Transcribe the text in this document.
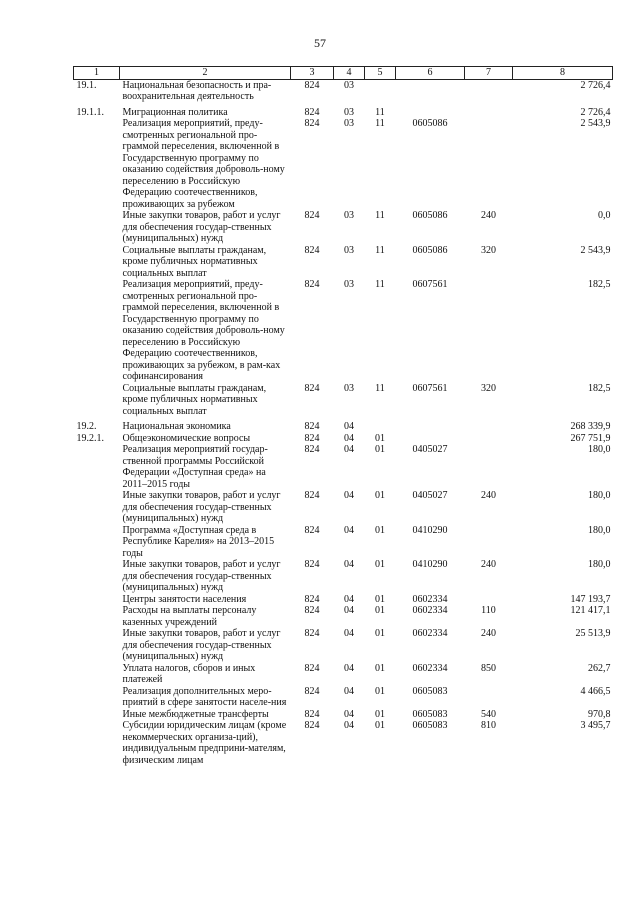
57
1	2	3	4	5	6	7	8
19.1.	Национальная безопасность и пра-воохранительная деятельность	824	03				2 726,4
19.1.1.	Миграционная политика	824	03	11			2 726,4
	Реализация мероприятий, преду-смотренных региональной про-граммой переселения, включенной в Государственную программу по оказанию содействия доброволь-ному переселению в Российскую Федерацию соотечественников, проживающих за рубежом	824	03	11	0605086		2 543,9
	Иные закупки товаров, работ и услуг для обеспечения государ-ственных (муниципальных) нужд	824	03	11	0605086	240	0,0
	Социальные выплаты гражданам, кроме публичных нормативных социальных выплат	824	03	11	0605086	320	2 543,9
	Реализация мероприятий, преду-смотренных региональной про-граммой переселения, включенной в Государственную программу по оказанию содействия доброволь-ному переселению в Российскую Федерацию соотечественников, проживающих за рубежом, в рам-ках софинансирования	824	03	11	0607561		182,5
	Социальные выплаты гражданам, кроме публичных нормативных социальных выплат	824	03	11	0607561	320	182,5
19.2.	Национальная экономика	824	04				268 339,9
19.2.1.	Общеэкономические вопросы	824	04	01			267 751,9
	Реализация мероприятий государ-ственной программы Российской Федерации «Доступная среда» на 2011–2015 годы	824	04	01	0405027		180,0
	Иные закупки товаров, работ и услуг для обеспечения государ-ственных (муниципальных) нужд	824	04	01	0405027	240	180,0
	Программа «Доступная среда в Республике Карелия» на 2013–2015 годы	824	04	01	0410290		180,0
	Иные закупки товаров, работ и услуг для обеспечения государ-ственных (муниципальных) нужд	824	04	01	0410290	240	180,0
	Центры занятости населения	824	04	01	0602334		147 193,7
	Расходы на выплаты персоналу казенных учреждений	824	04	01	0602334	110	121 417,1
	Иные закупки товаров, работ и услуг для обеспечения государ-ственных (муниципальных) нужд	824	04	01	0602334	240	25 513,9
	Уплата налогов, сборов и иных платежей	824	04	01	0602334	850	262,7
	Реализация дополнительных меро-приятий в сфере занятости населе-ния	824	04	01	0605083		4 466,5
	Иные межбюджетные трансферты	824	04	01	0605083	540	970,8
	Субсидии юридическим лицам (кроме некоммерческих организа-ций), индивидуальным предприни-мателям, физическим лицам	824	04	01	0605083	810	3 495,7
